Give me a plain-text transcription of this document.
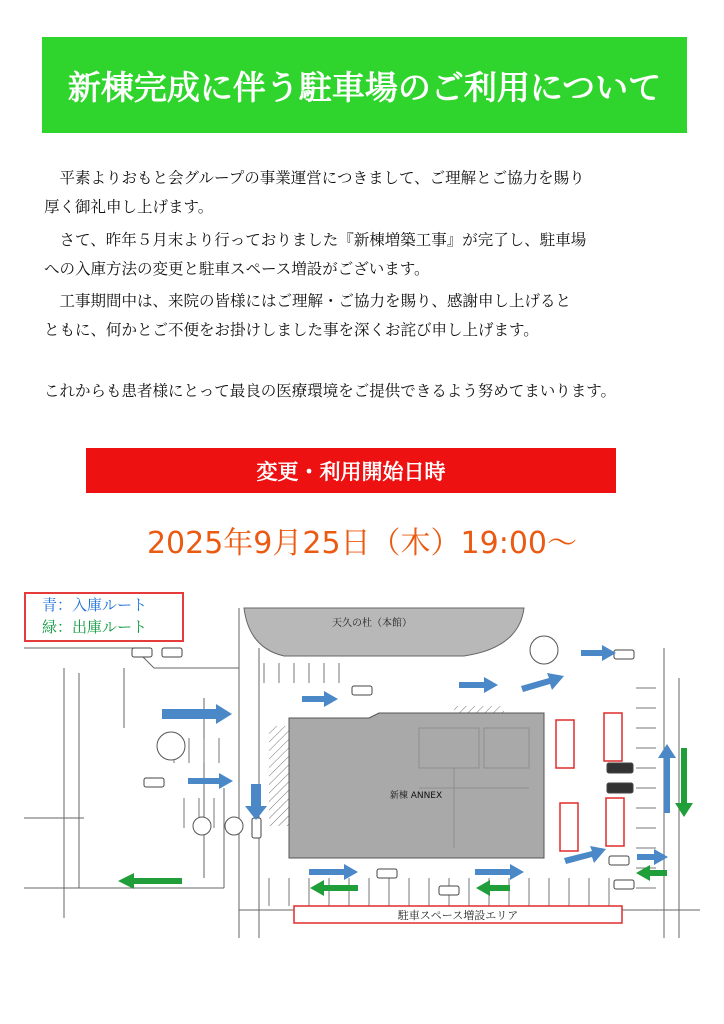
新棟完成に伴う駐車場のご利用について

　平素よりおもと会グループの事業運営につきまして、ご理解とご協力を賜り

厚く御礼申し上げます。

　さて、昨年５月末より行っておりました『新棟増築工事』が完了し、駐車場

への入庫方法の変更と駐車スペース増設がございます。

　工事期間中は、来院の皆様にはご理解・ご協力を賜り、感謝申し上げると

ともに、何かとご不便をお掛けしました事を深くお詫び申し上げます。

これからも患者様にとって最良の医療環境をご提供できるよう努めてまいります。

変更・利用開始日時
2025年9月25日（木）19:00～
天久の杜（本館）
新棟 ANNEX
駐車スペース増設エリア
青：入庫ルート
緑：出庫ルート
